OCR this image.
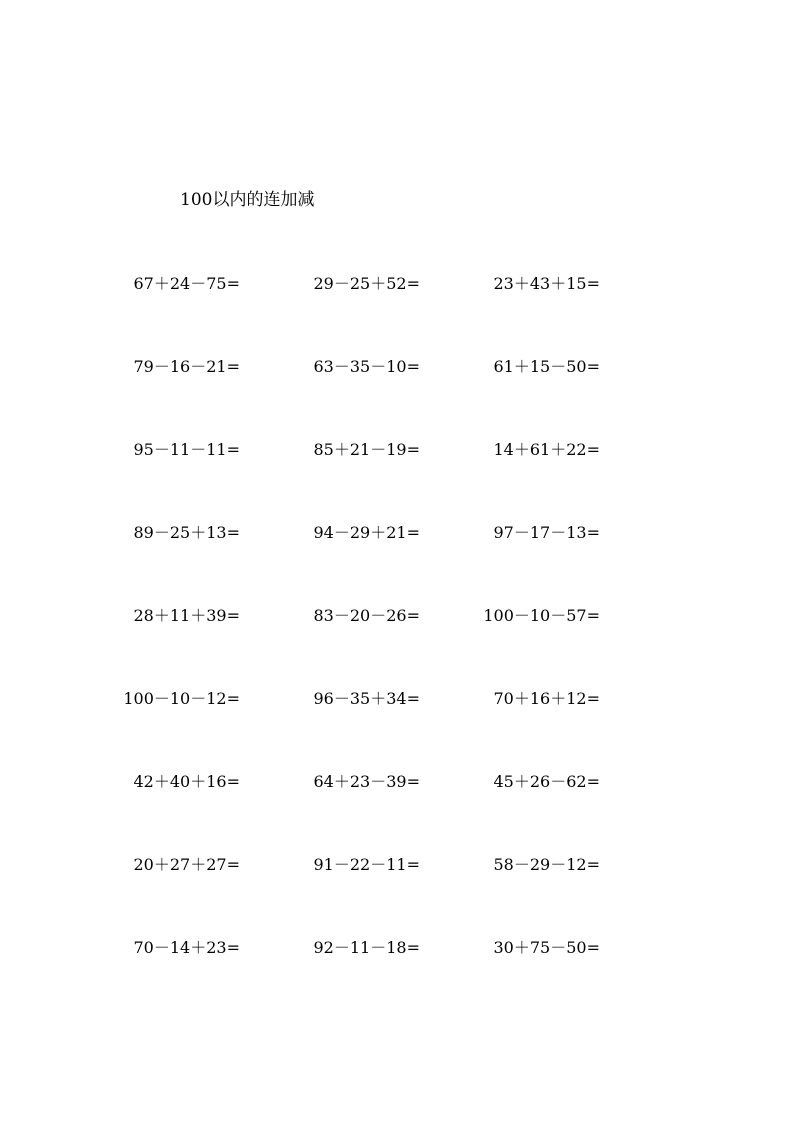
100以内的连加减
67＋24－75=	29－25＋52=	23＋43＋15=
79－16－21=	63－35－10=	61＋15－50=
95－11－11=	85＋21－19=	14＋61＋22=
89－25＋13=	94－29＋21=	97－17－13=
28＋11＋39=	83－20－26=	100－10－57=
100－10－12=	96－35＋34=	70＋16＋12=
42＋40＋16=	64＋23－39=	45＋26－62=
20＋27＋27=	91－22－11=	58－29－12=
70－14＋23=	92－11－18=	30＋75－50=
